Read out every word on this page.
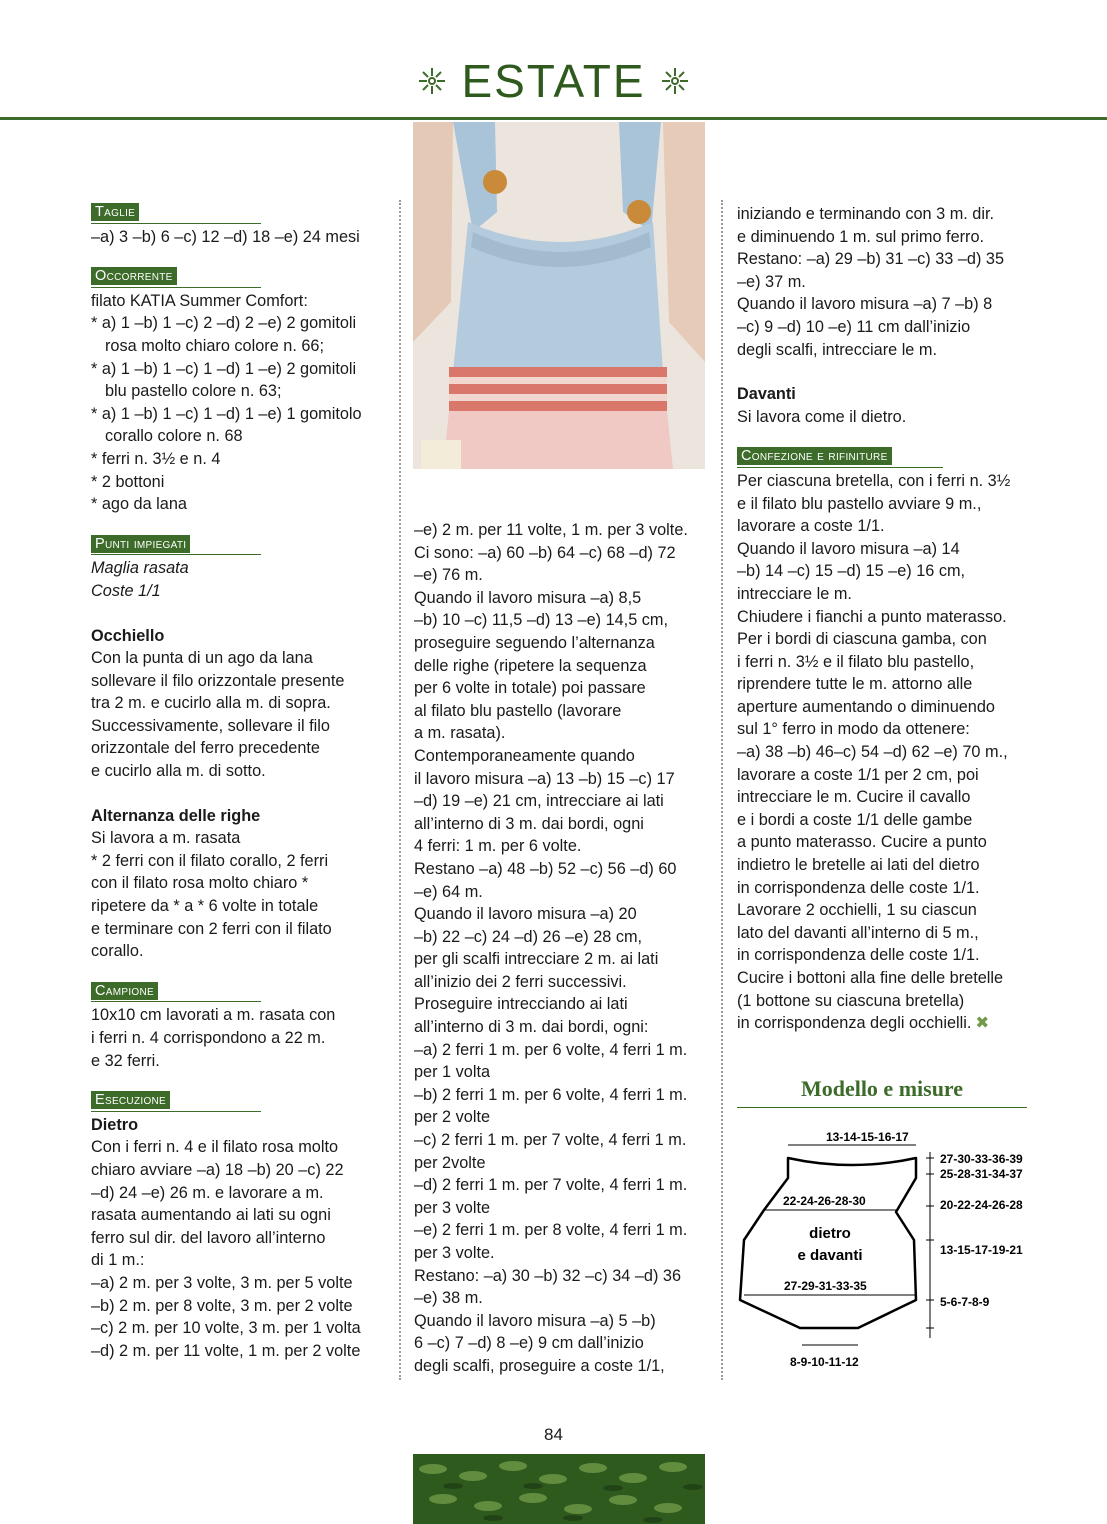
ESTATE
Taglie

–a) 3 –b) 6 –c) 12 –d) 18 –e) 24 mesi

Occorrente

filato KATIA Summer Comfort:

* a) 1 –b) 1 –c) 2 –d) 2 –e) 2 gomitoli

rosa molto chiaro colore n. 66;

* a) 1 –b) 1 –c) 1 –d) 1 –e) 2 gomitoli

blu pastello colore n. 63;

* a) 1 –b) 1 –c) 1 –d) 1 –e) 1 gomitolo

corallo colore n. 68

* ferri n. 3½ e n. 4

* 2 bottoni

* ago da lana

Punti impiegati

Maglia rasata

Coste 1/1

Occhiello

Con la punta di un ago da lana

sollevare il filo orizzontale presente

tra 2 m. e cucirlo alla m. di sopra.

Successivamente, sollevare il filo

orizzontale del ferro precedente

e cucirlo alla m. di sotto.

Alternanza delle righe

Si lavora a m. rasata

* 2 ferri con il filato corallo, 2 ferri

con il filato rosa molto chiaro *

ripetere da * a * 6 volte in totale

e terminare con 2 ferri con il filato

corallo.

Campione

10x10 cm lavorati a m. rasata con

i ferri n. 4 corrispondono a 22 m.

e 32 ferri.

Esecuzione

Dietro

Con i ferri n. 4 e il filato rosa molto

chiaro avviare –a) 18 –b) 20 –c) 22

–d) 24 –e) 26 m. e lavorare a m.

rasata aumentando ai lati su ogni

ferro sul dir. del lavoro all’interno

di 1 m.:

–a) 2 m. per 3 volte, 3 m. per 5 volte

–b) 2 m. per 8 volte, 3 m. per 2 volte

–c) 2 m. per 10 volte, 3 m. per 1 volta

–d) 2 m. per 11 volte, 1 m. per 2 volte

–e) 2 m. per 11 volte, 1 m. per 3 volte.

Ci sono: –a) 60 –b) 64 –c) 68 –d) 72

–e) 76 m.

Quando il lavoro misura –a) 8,5

–b) 10 –c) 11,5 –d) 13 –e) 14,5 cm,

proseguire seguendo l’alternanza

delle righe (ripetere la sequenza

per 6 volte in totale) poi passare

al filato blu pastello (lavorare

a m. rasata).

Contemporaneamente quando

il lavoro misura –a) 13 –b) 15 –c) 17

–d) 19 –e) 21 cm, intrecciare ai lati

all’interno di 3 m. dai bordi, ogni

4 ferri: 1 m. per 6 volte.

Restano –a) 48 –b) 52 –c) 56 –d) 60

–e) 64 m.

Quando il lavoro misura –a) 20

–b) 22 –c) 24 –d) 26 –e) 28 cm,

per gli scalfi intrecciare 2 m. ai lati

all’inizio dei 2 ferri successivi.

Proseguire intrecciando ai lati

all’interno di 3 m. dai bordi, ogni:

–a) 2 ferri 1 m. per 6 volte, 4 ferri 1 m.

per 1 volta

–b) 2 ferri 1 m. per 6 volte, 4 ferri 1 m.

per 2 volte

–c) 2 ferri 1 m. per 7 volte, 4 ferri 1 m.

per 2volte

–d) 2 ferri 1 m. per 7 volte, 4 ferri 1 m.

per 3 volte

–e) 2 ferri 1 m. per 8 volte, 4 ferri 1 m.

per 3 volte.

Restano: –a) 30 –b) 32 –c) 34 –d) 36

–e) 38 m.

Quando il lavoro misura –a) 5 –b)

6 –c) 7 –d) 8 –e) 9 cm dall’inizio

degli scalfi, proseguire a coste 1/1,

iniziando e terminando con 3 m. dir.

e diminuendo 1 m. sul primo ferro.

Restano: –a) 29 –b) 31 –c) 33 –d) 35

–e) 37 m.

Quando il lavoro misura –a) 7 –b) 8

–c) 9 –d) 10 –e) 11 cm dall’inizio

degli scalfi, intrecciare le m.

Davanti

Si lavora come il dietro.

Confezione e rifiniture

Per ciascuna bretella, con i ferri n. 3½

e il filato blu pastello avviare 9 m.,

lavorare a coste 1/1.

Quando il lavoro misura –a) 14

–b) 14 –c) 15 –d) 15 –e) 16 cm,

intrecciare le m.

Chiudere i fianchi a punto materasso.

Per i bordi di ciascuna gamba, con

i ferri n. 3½ e il filato blu pastello,

riprendere tutte le m. attorno alle

aperture aumentando o diminuendo

sul 1° ferro in modo da ottenere:

–a) 38 –b) 46–c) 54 –d) 62 –e) 70 m.,

lavorare a coste 1/1 per 2 cm, poi

intrecciare le m. Cucire il cavallo

e i bordi a coste 1/1 delle gambe

a punto materasso. Cucire a punto

indietro le bretelle ai lati del dietro

in corrispondenza delle coste 1/1.

Lavorare 2 occhielli, 1 su ciascun

lato del davanti all’interno di 5 m.,

in corrispondenza delle coste 1/1.

Cucire i bottoni alla fine delle bretelle

(1 bottone su ciascuna bretella)

in corrispondenza degli occhielli. ✖

Modello e misure
13-14-15-16-17
22-24-26-28-30
dietro
e davanti
27-29-31-33-35
8-9-10-11-12
27-30-33-36-39
25-28-31-34-37
20-22-24-26-28
13-15-17-19-21
5-6-7-8-9
84
